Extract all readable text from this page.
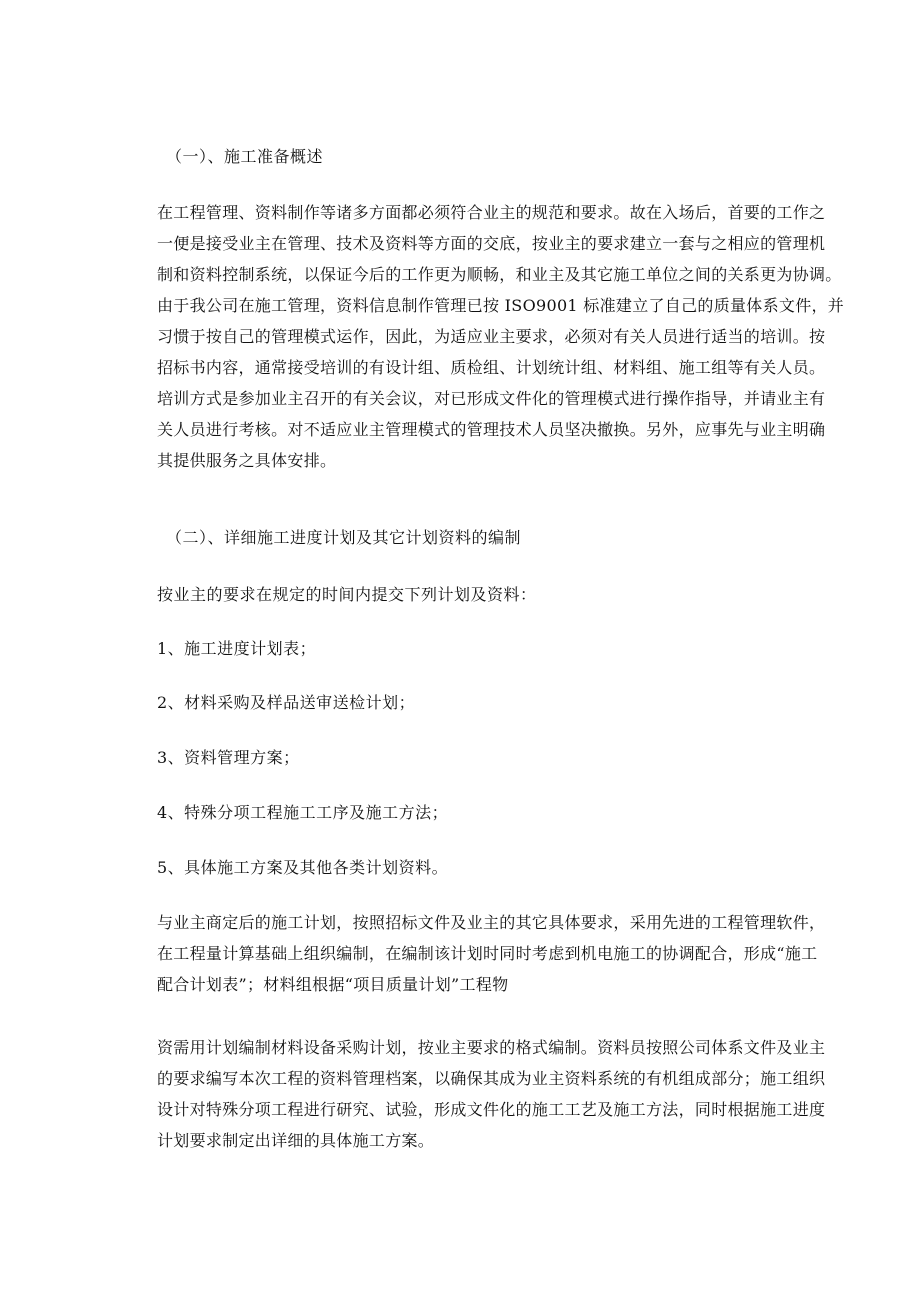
（一）、施工准备概述
在工程管理、资料制作等诸多方面都必须符合业主的规范和要求。故在入场后，首要的工作之
一便是接受业主在管理、技术及资料等方面的交底，按业主的要求建立一套与之相应的管理机
制和资料控制系统，以保证今后的工作更为顺畅，和业主及其它施工单位之间的关系更为协调。
由于我公司在施工管理，资料信息制作管理已按 ISO9001 标准建立了自己的质量体系文件，并
习惯于按自己的管理模式运作，因此，为适应业主要求，必须对有关人员进行适当的培训。按
招标书内容，通常接受培训的有设计组、质检组、计划统计组、材料组、施工组等有关人员。
培训方式是参加业主召开的有关会议，对已形成文件化的管理模式进行操作指导，并请业主有
关人员进行考核。对不适应业主管理模式的管理技术人员坚决撤换。另外，应事先与业主明确
其提供服务之具体安排。
（二）、详细施工进度计划及其它计划资料的编制
按业主的要求在规定的时间内提交下列计划及资料：
1、施工进度计划表；
2、材料采购及样品送审送检计划；
3、资料管理方案；
4、特殊分项工程施工工序及施工方法；
5、具体施工方案及其他各类计划资料。
与业主商定后的施工计划，按照招标文件及业主的其它具体要求，采用先进的工程管理软件，
在工程量计算基础上组织编制，在编制该计划时同时考虑到机电施工的协调配合，形成“施工
配合计划表”；材料组根据“项目质量计划”工程物
资需用计划编制材料设备采购计划，按业主要求的格式编制。资料员按照公司体系文件及业主
的要求编写本次工程的资料管理档案，以确保其成为业主资料系统的有机组成部分；施工组织
设计对特殊分项工程进行研究、试验，形成文件化的施工工艺及施工方法，同时根据施工进度
计划要求制定出详细的具体施工方案。
